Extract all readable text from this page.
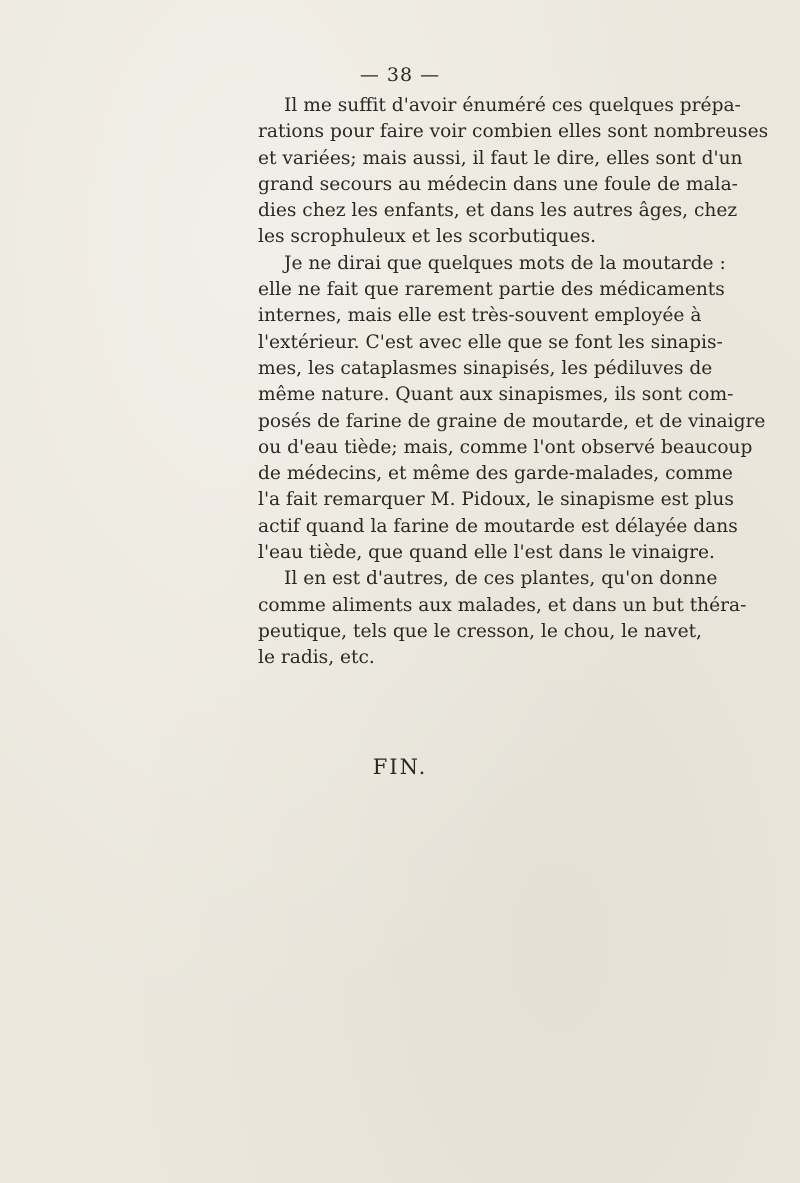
— 38 —
Il me suffit d'avoir énuméré ces quelques prépa-
rations pour faire voir combien elles sont nombreuses
et variées; mais aussi, il faut le dire, elles sont d'un
grand secours au médecin dans une foule de mala-
dies chez les enfants, et dans les autres âges, chez
les scrophuleux et les scorbutiques.
Je ne dirai que quelques mots de la moutarde :
elle ne fait que rarement partie des médicaments
internes, mais elle est très-souvent employée à
l'extérieur. C'est avec elle que se font les sinapis-
mes, les cataplasmes sinapisés, les pédiluves de
même nature. Quant aux sinapismes, ils sont com-
posés de farine de graine de moutarde, et de vinaigre
ou d'eau tiède; mais, comme l'ont observé beaucoup
de médecins, et même des garde-malades, comme
l'a fait remarquer M. Pidoux, le sinapisme est plus
actif quand la farine de moutarde est délayée dans
l'eau tiède, que quand elle l'est dans le vinaigre.
Il en est d'autres, de ces plantes, qu'on donne
comme aliments aux malades, et dans un but théra-
peutique, tels que le cresson, le chou, le navet,
le radis, etc.
FIN.
